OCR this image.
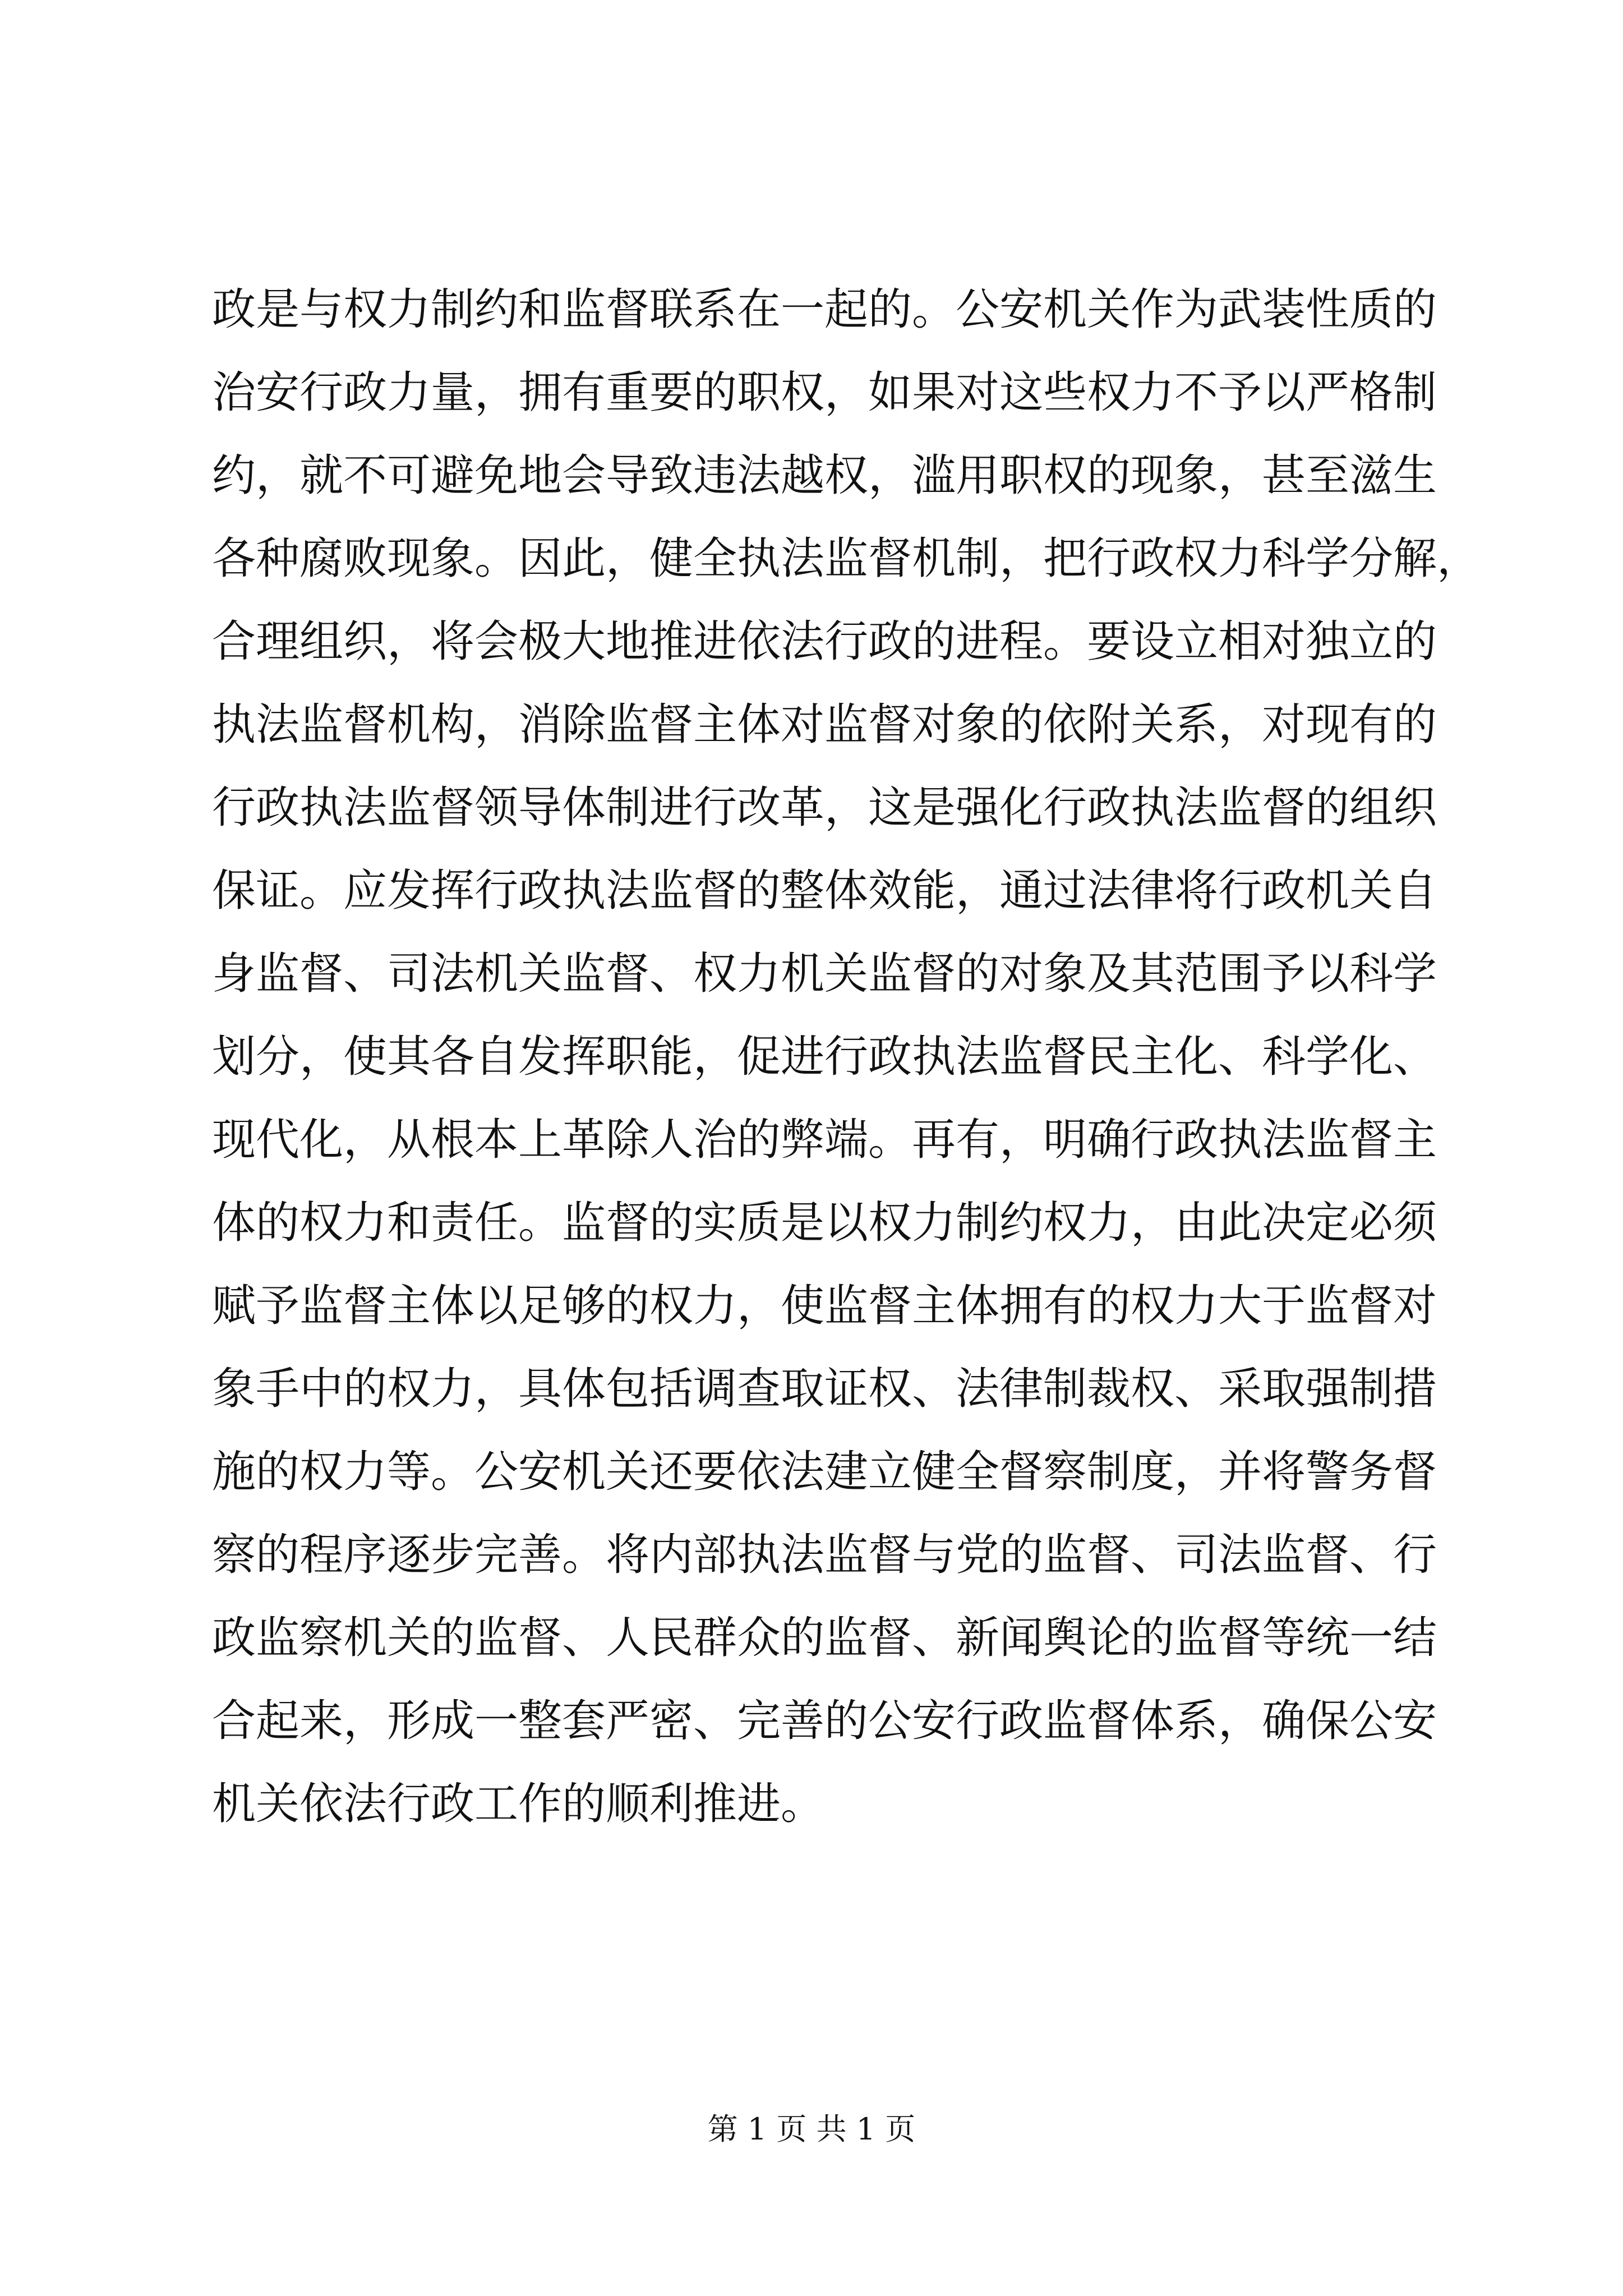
政是与权力制约和监督联系在一起的。公安机关作为武装性质的
治安行政力量，拥有重要的职权，如果对这些权力不予以严格制
约，就不可避免地会导致违法越权，滥用职权的现象，甚至滋生
各种腐败现象。因此，健全执法监督机制，把行政权力科学分解，
合理组织，将会极大地推进依法行政的进程。要设立相对独立的
执法监督机构，消除监督主体对监督对象的依附关系，对现有的
行政执法监督领导体制进行改革，这是强化行政执法监督的组织
保证。应发挥行政执法监督的整体效能，通过法律将行政机关自
身监督、司法机关监督、权力机关监督的对象及其范围予以科学
划分，使其各自发挥职能，促进行政执法监督民主化、科学化、
现代化，从根本上革除人治的弊端。再有，明确行政执法监督主
体的权力和责任。监督的实质是以权力制约权力，由此决定必须
赋予监督主体以足够的权力，使监督主体拥有的权力大于监督对
象手中的权力，具体包括调查取证权、法律制裁权、采取强制措
施的权力等。公安机关还要依法建立健全督察制度，并将警务督
察的程序逐步完善。将内部执法监督与党的监督、司法监督、行
政监察机关的监督、人民群众的监督、新闻舆论的监督等统一结
合起来，形成一整套严密、完善的公安行政监督体系，确保公安
机关依法行政工作的顺利推进。
第 1 页 共 1 页
